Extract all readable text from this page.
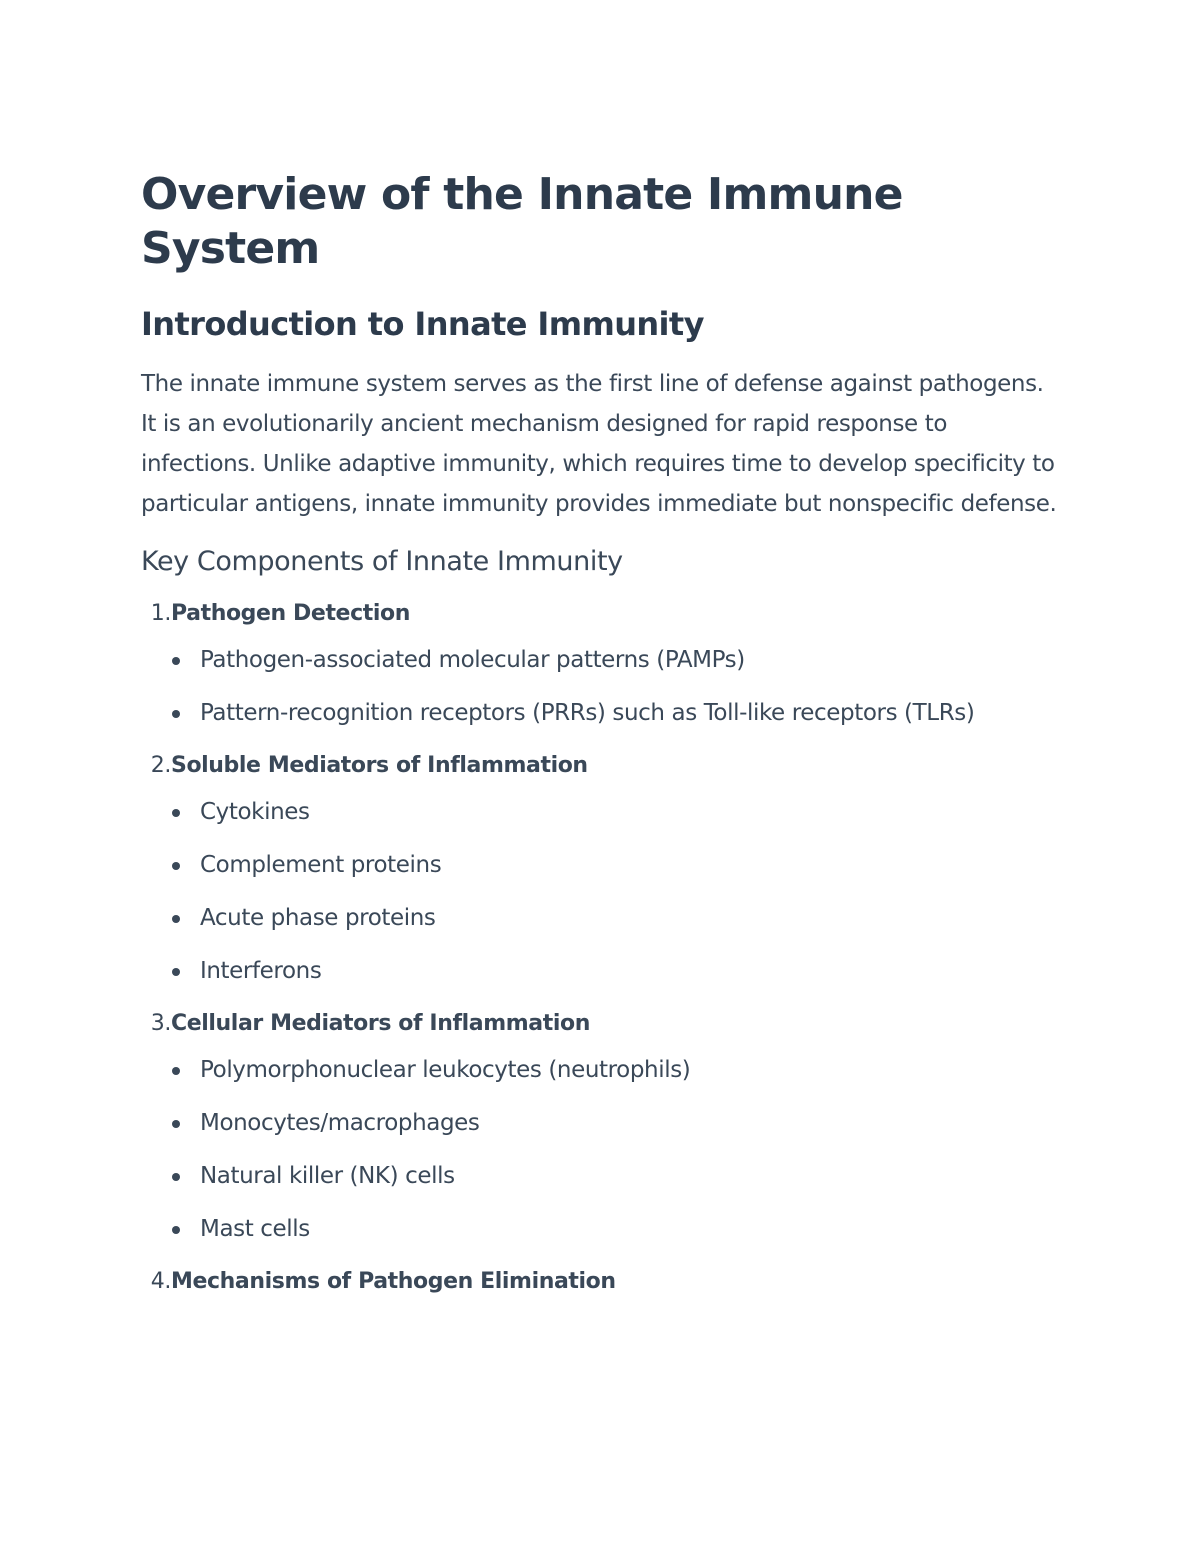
Overview of the Innate Immune System
Introduction to Innate Immunity

The innate immune system serves as the first line of defense against pathogens. It is an evolutionarily ancient mechanism designed for rapid response to infections. Unlike adaptive immunity, which requires time to develop specificity to particular antigens, innate immunity provides immediate but nonspecific defense.

Key Components of Innate Immunity
1. Pathogen Detection
Pathogen-associated molecular patterns (PAMPs)
Pattern-recognition receptors (PRRs) such as Toll-like receptors (TLRs)
2. Soluble Mediators of Inflammation
Cytokines
Complement proteins
Acute phase proteins
Interferons
3. Cellular Mediators of Inflammation
Polymorphonuclear leukocytes (neutrophils)
Monocytes/macrophages
Natural killer (NK) cells
Mast cells
4. Mechanisms of Pathogen Elimination
